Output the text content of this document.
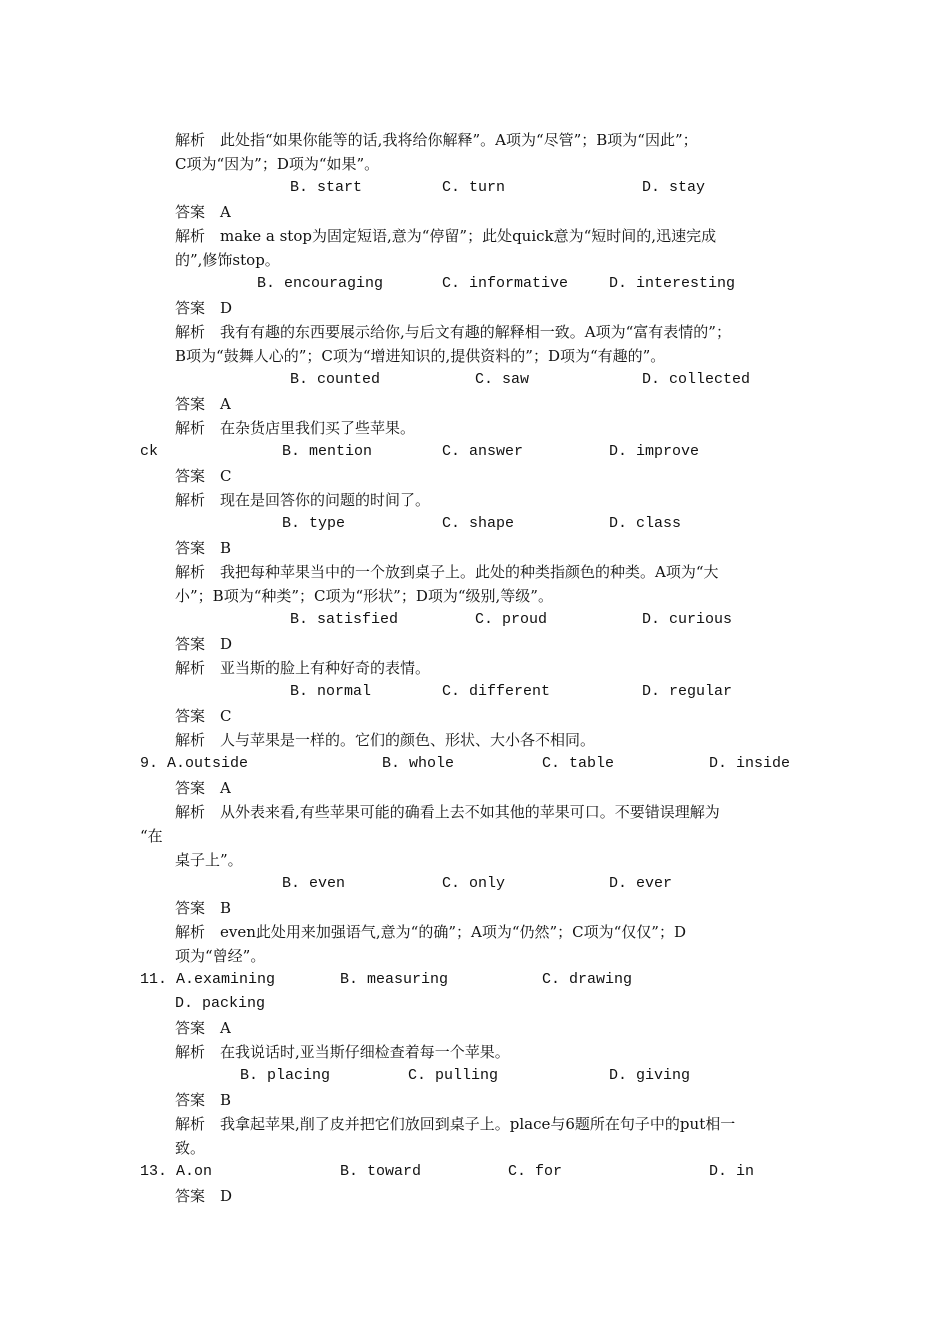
解析　此处指“如果你能等的话,我将给你解释”。A项为“尽管”；B项为“因此”；
C项为“因为”；D项为“如果”。
B. start	C. turn	D. stay
答案　A
解析　make a stop为固定短语,意为“停留”；此处quick意为“短时间的,迅速完成
的”,修饰stop。
B. encouraging	C. informative	D. interesting
答案　D
解析　我有有趣的东西要展示给你,与后文有趣的解释相一致。A项为“富有表情的”；
B项为“鼓舞人心的”；C项为“增进知识的,提供资料的”；D项为“有趣的”。
B. counted	C. saw	D. collected
答案　A
解析　在杂货店里我们买了些苹果。
ck	B. mention	C. answer	D. improve
答案　C
解析　现在是回答你的问题的时间了。
B. type	C. shape	D. class
答案　B
解析　我把每种苹果当中的一个放到桌子上。此处的种类指颜色的种类。A项为“大
小”；B项为“种类”；C项为“形状”；D项为“级别,等级”。
B. satisfied	C. proud	D. curious
答案　D
解析　亚当斯的脸上有种好奇的表情。
B. normal	C. different	D. regular
答案　C
解析　人与苹果是一样的。它们的颜色、形状、大小各不相同。
9. A.outside	B. whole	C. table	D. inside
答案　A
解析　从外表来看,有些苹果可能的确看上去不如其他的苹果可口。不要错误理解为
“在
桌子上”。
B. even	C. only	D. ever
答案　B
解析　even此处用来加强语气,意为“的确”；A项为“仍然”；C项为“仅仅”；D
项为“曾经”。
11. A.examining	B. measuring	C. drawing
D. packing
答案　A
解析　在我说话时,亚当斯仔细检查着每一个苹果。
B. placing	C. pulling	D. giving
答案　B
解析　我拿起苹果,削了皮并把它们放回到桌子上。place与6题所在句子中的put相一
致。
13. A.on	B. toward	C. for	D. in
答案　D
